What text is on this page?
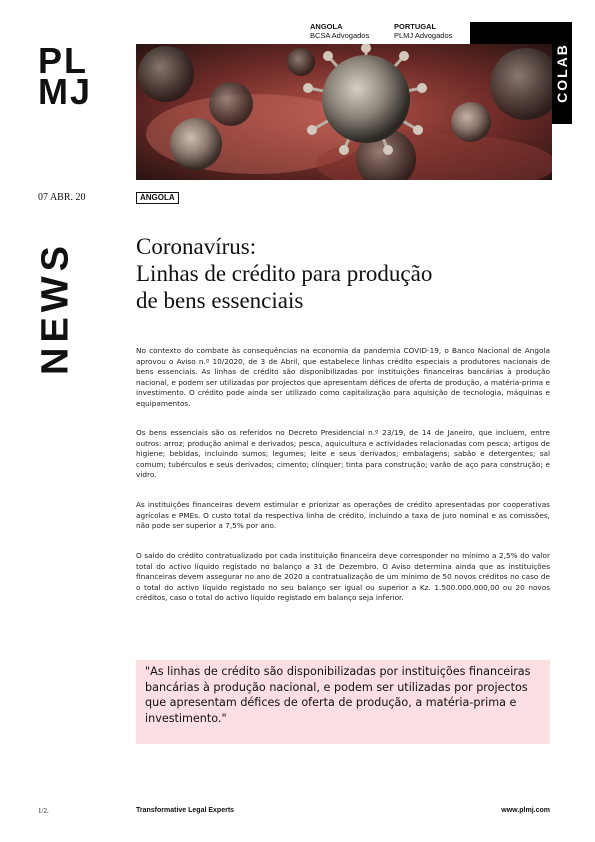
PL
MJ
ANGOLA
BCSA Advogados
PORTUGAL
PLMJ Advogados
COLAB
07 ABR. 20	ANGOLA
NEWS	Coronavírus:
Linhas de crédito para produção
de bens essenciais

No contexto do combate às consequências na economia da pandemia COVID-19, o Banco Nacional de Angola aprovou o Aviso n.º 10/2020, de 3 de Abril, que estabelece linhas crédito especiais a produtores nacionais de bens essenciais. As linhas de crédito são disponibilizadas por instituições financeiras bancárias à produção nacional, e podem ser utilizadas por projectos que apresentam défices de oferta de produção, a matéria-prima e investimento. O crédito pode ainda ser utilizado como capitalização para aquisição de tecnologia, máquinas e equipamentos.

Os bens essenciais são os referidos no Decreto Presidencial n.º 23/19, de 14 de Janeiro, que incluem, entre outros: arroz; produção animal e derivados; pesca, aquicultura e actividades relacionadas com pesca; artigos de higiene; bebidas, incluindo sumos; legumes; leite e seus derivados; embalagens; sabão e detergentes; sal comum; tubérculos e seus derivados; cimento; clínquer; tinta para construção; varão de aço para construção; e vidro.

As instituições financeiras devem estimular e priorizar as operações de crédito apresentadas por cooperativas agrícolas e PMEs. O custo total da respectiva linha de crédito, incluindo a taxa de juro nominal e as comissões, não pode ser superior a 7,5% por ano.

O saldo do crédito contratualizado por cada instituição financeira deve corresponder no mínimo a 2,5% do valor total do activo líquido registado no balanço a 31 de Dezembro. O Aviso determina ainda que as instituições financeiras devem assegurar no ano de 2020 a contratualização de um mínimo de 50 novos créditos no caso de o total do activo líquido registado no seu balanço ser igual ou superior a Kz. 1.500.000.000,00 ou 20 novos créditos, caso o total do activo líquido registado em balanço seja inferior.

"As linhas de crédito são disponibilizadas por instituições financeiras bancárias à produção nacional, e podem ser utilizadas por projectos que apresentam défices de oferta de produção, a matéria-prima e investimento."
1/2.	Transformative Legal Experts	www.plmj.com
